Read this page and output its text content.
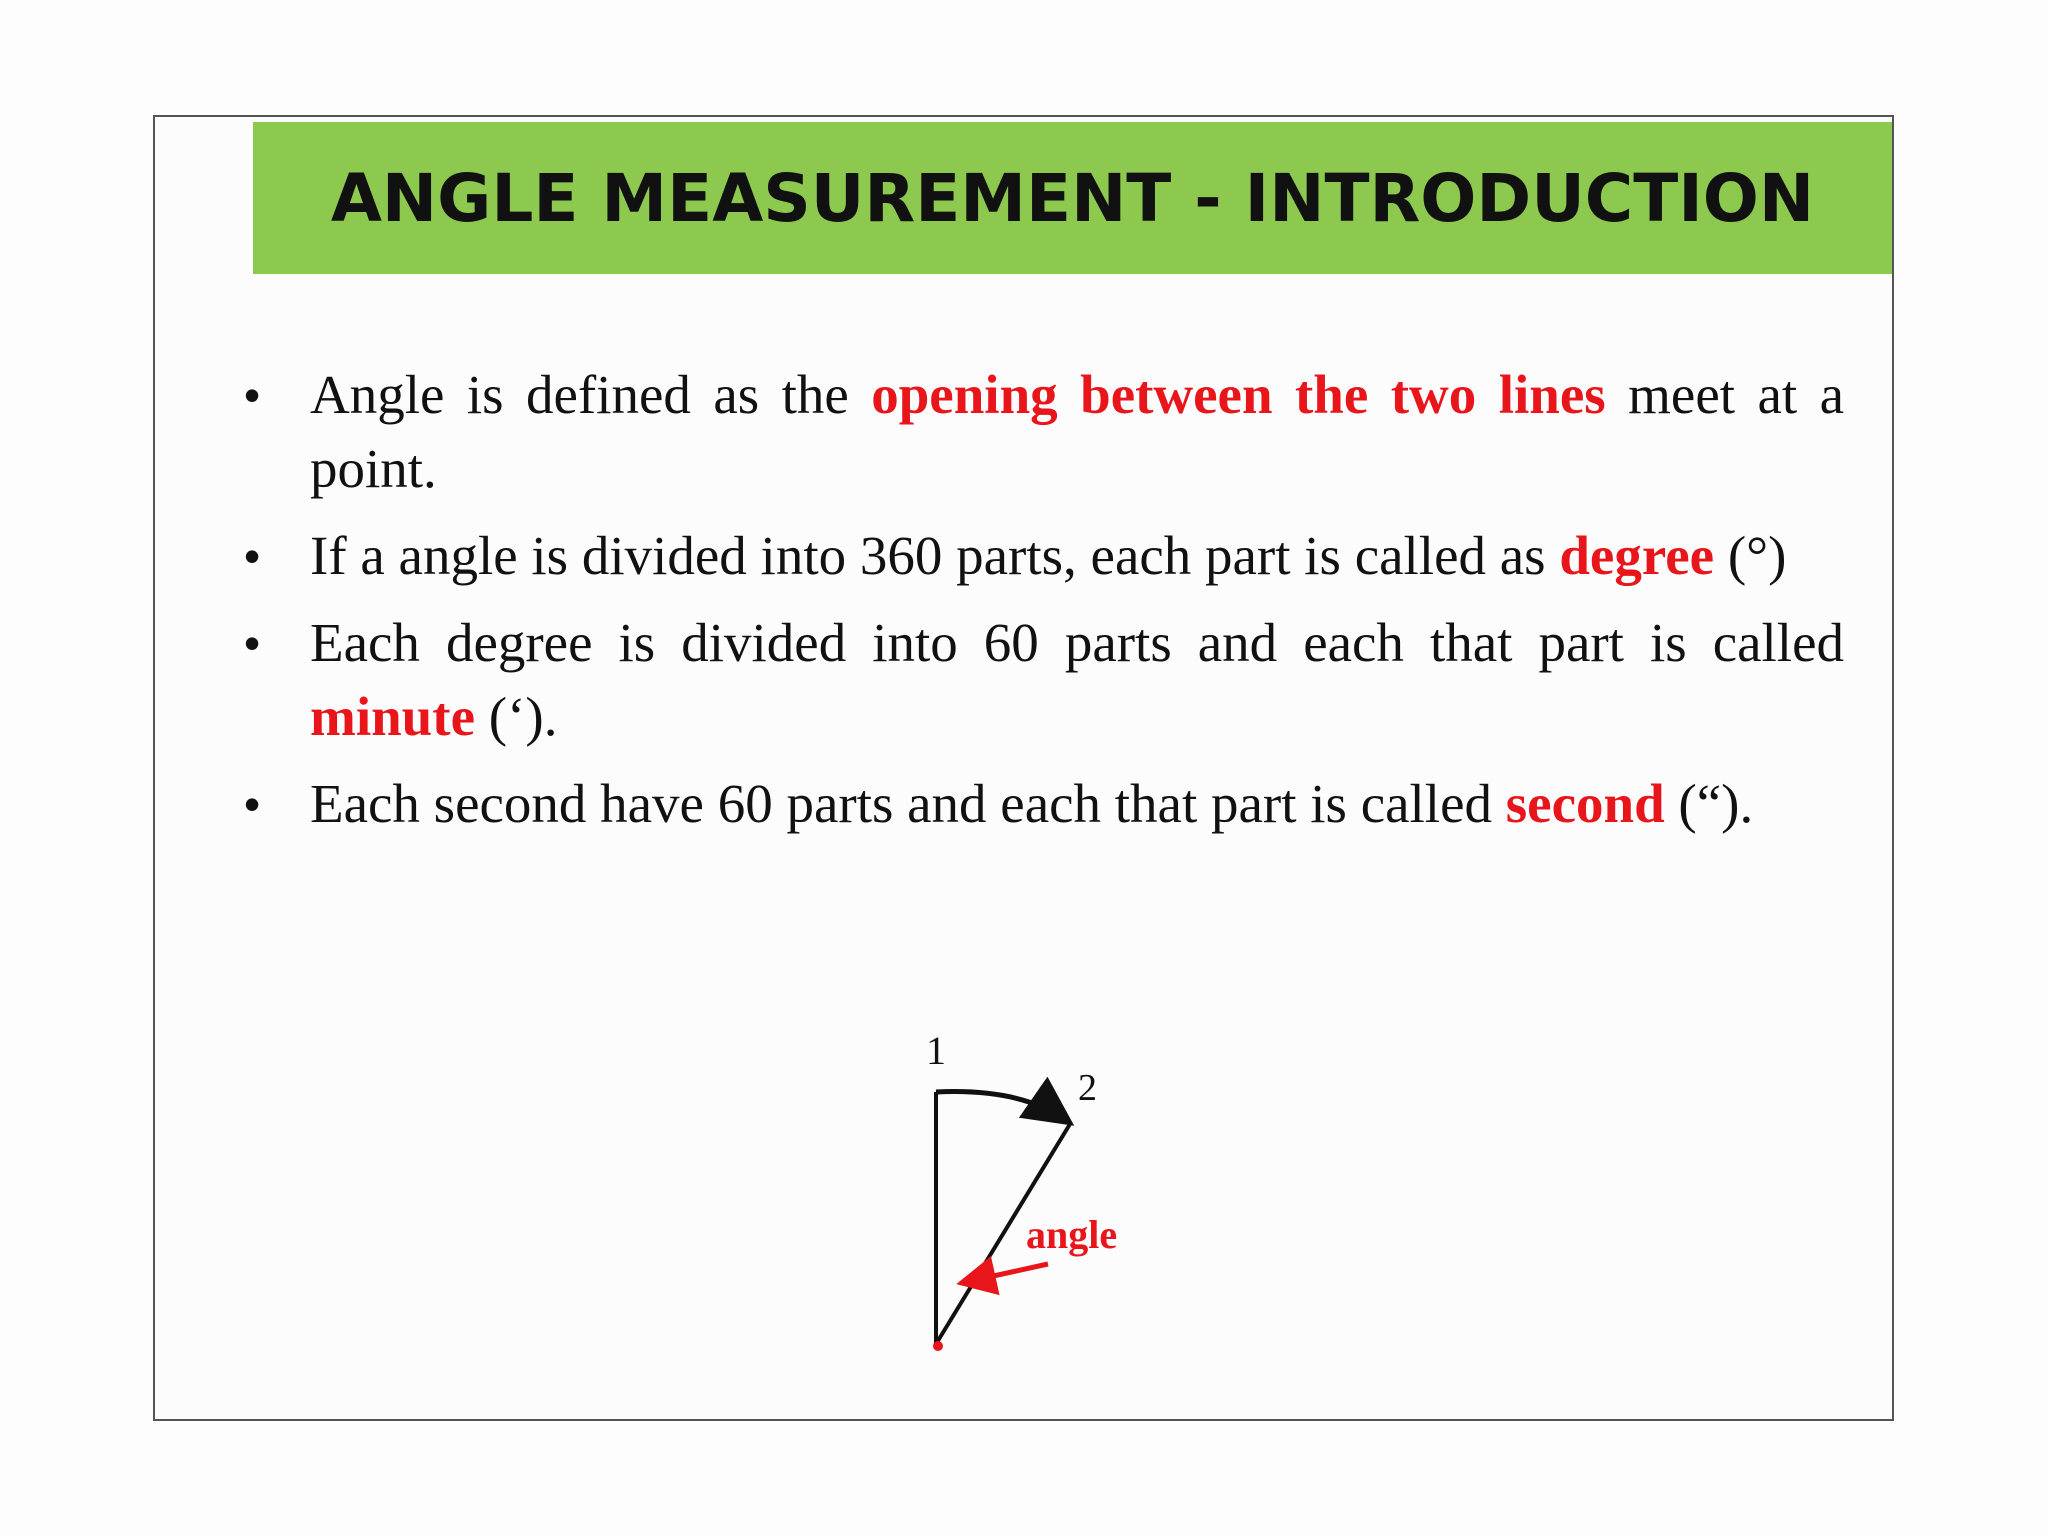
ANGLE MEASUREMENT - INTRODUCTION
• Angle is defined as the opening between the two lines meet at a point.
• If a angle is divided into 360 parts, each part is called as degree (°)
• Each degree is divided into 60 parts and each that part is called minute (‘).
• Each second have 60 parts and each that part is called second (“).
1
2
angle
